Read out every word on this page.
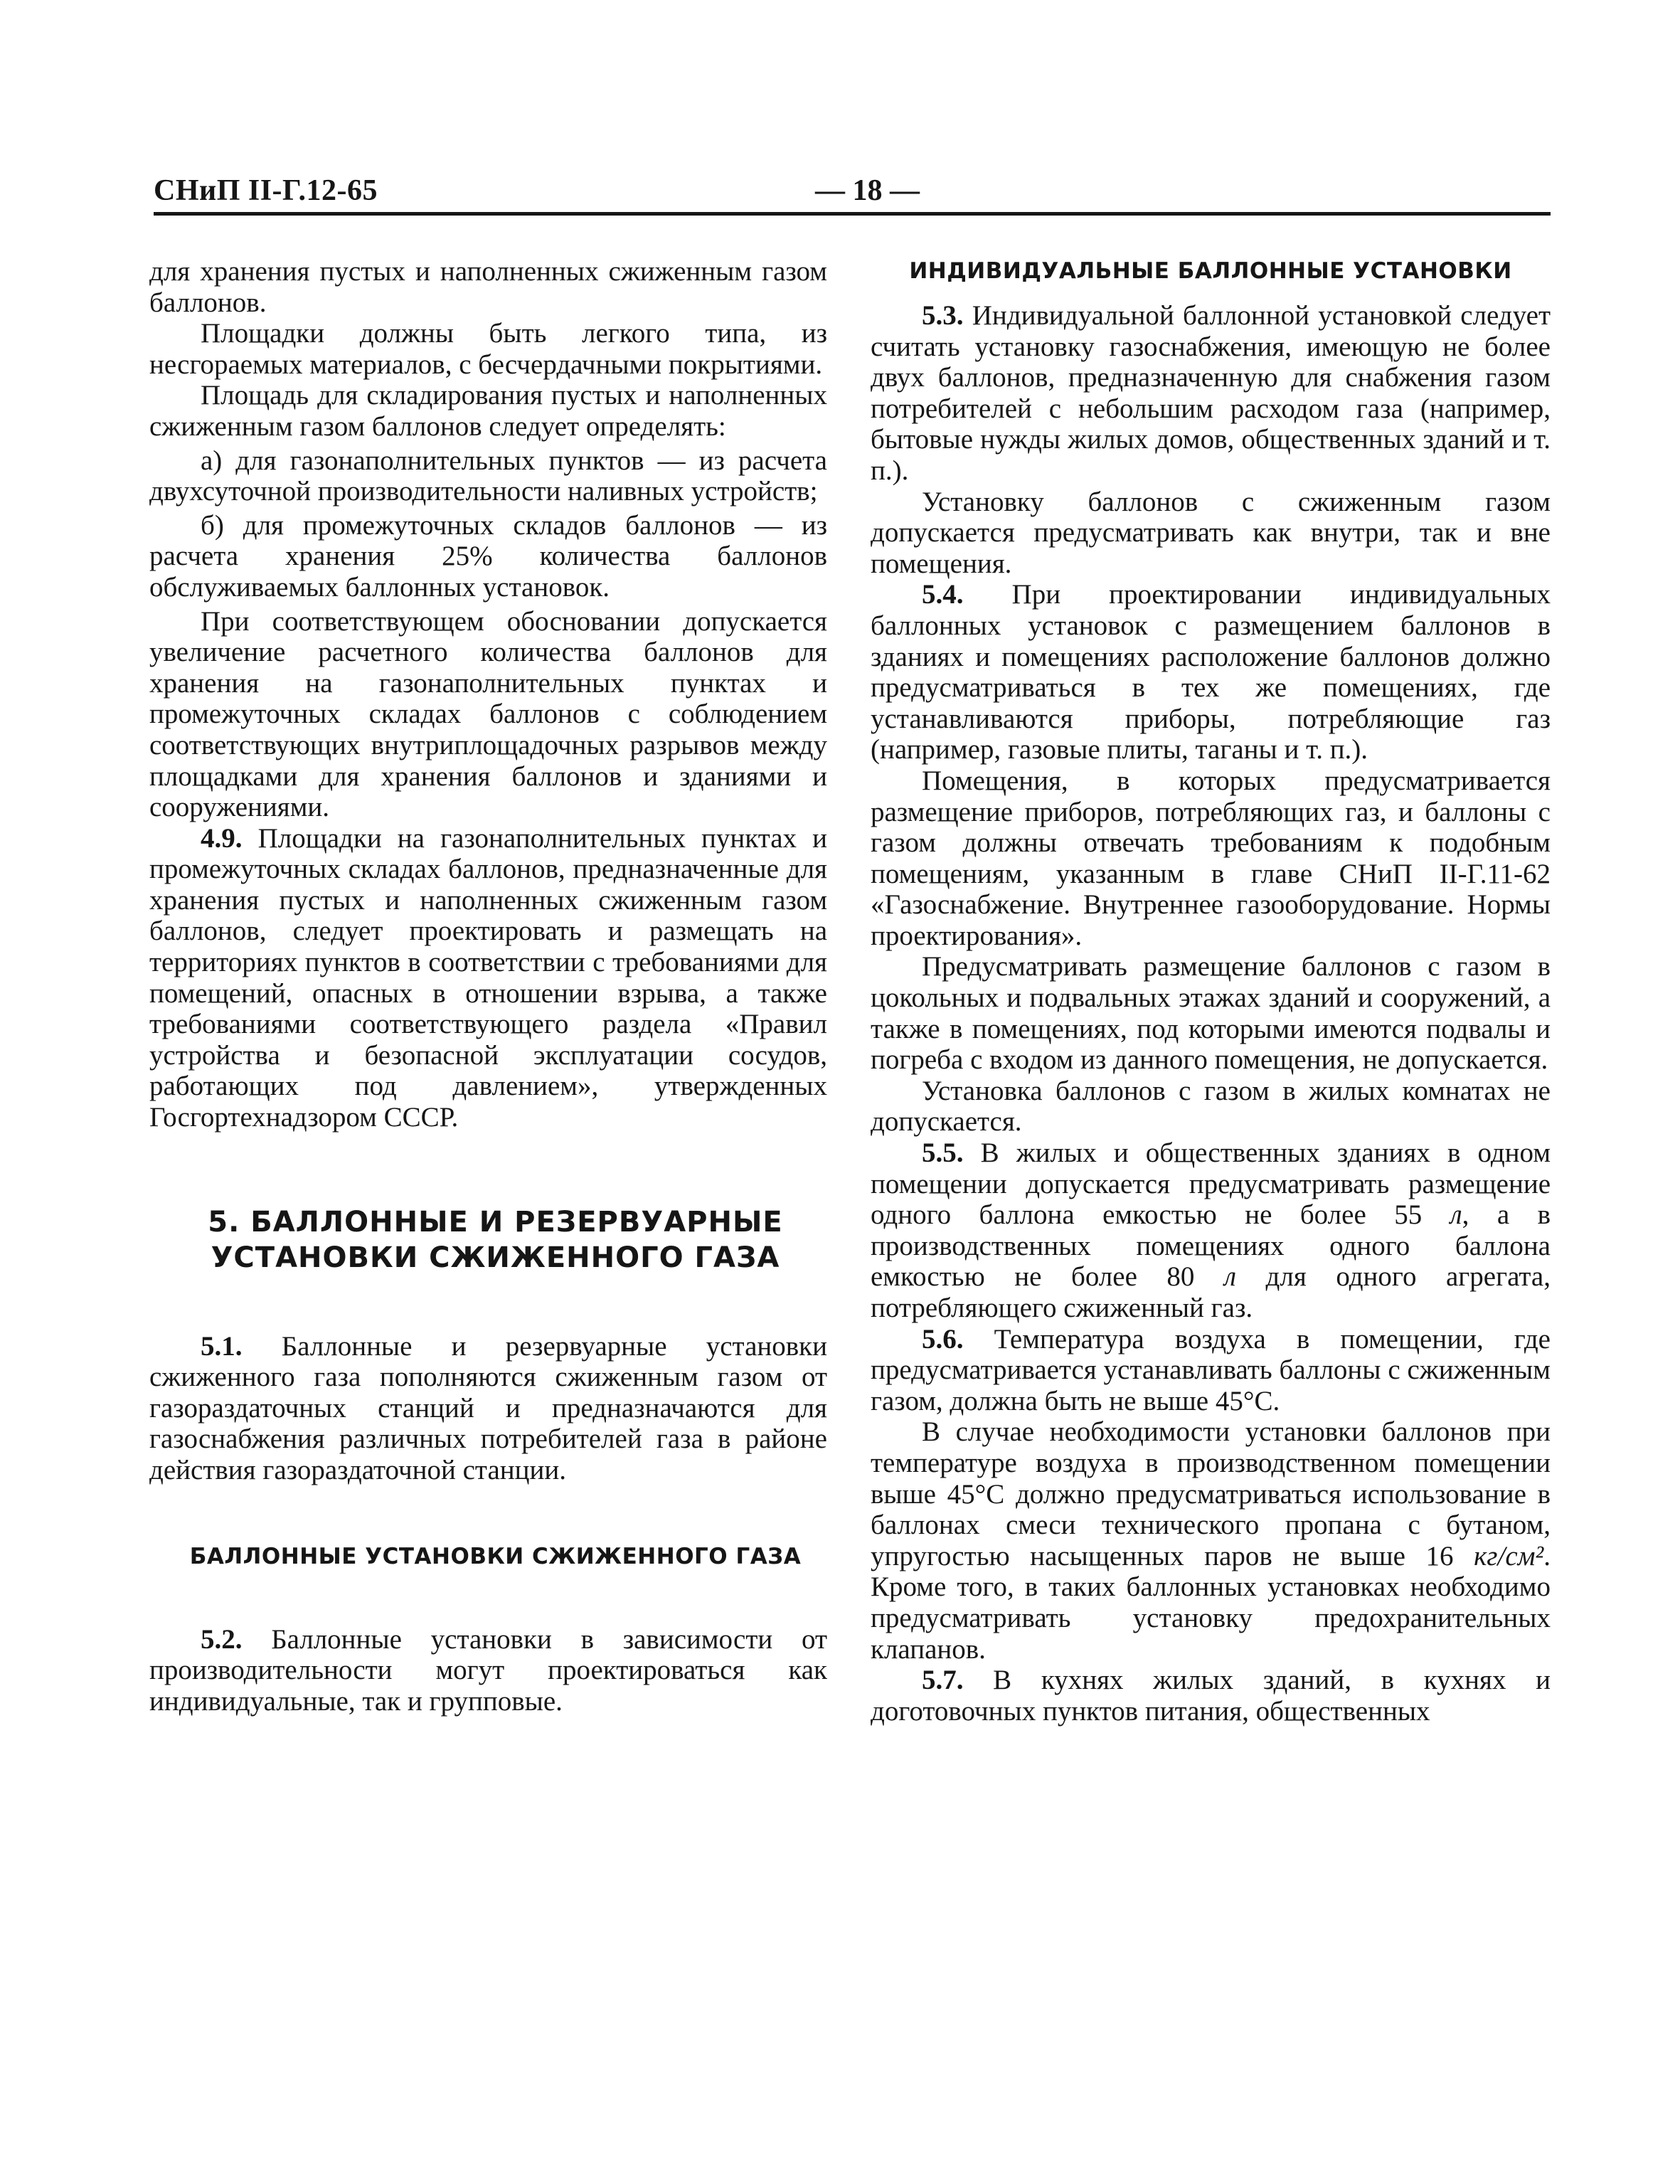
СНиП II-Г.12-65	— 18 —

для хранения пустых и наполненных сжиженным газом баллонов.

Площадки должны быть легкого типа, из несгораемых материалов, с бесчердачными покрытиями.

Площадь для складирования пустых и наполненных сжиженным газом баллонов следует определять:

а) для газонаполнительных пунктов — из расчета двухсуточной производительности наливных устройств;

б) для промежуточных складов баллонов — из расчета хранения 25% количества баллонов обслуживаемых баллонных установок.

При соответствующем обосновании допускается увеличение расчетного количества баллонов для хранения на газонаполнительных пунктах и промежуточных складах баллонов с соблюдением соответствующих внутриплощадочных разрывов между площадками для хранения баллонов и зданиями и сооружениями.

4.9. Площадки на газонаполнительных пунктах и промежуточных складах баллонов, предназначенные для хранения пустых и наполненных сжиженным газом баллонов, следует проектировать и размещать на территориях пунктов в соответствии с требованиями для помещений, опасных в отношении взрыва, а также требованиями соответствующего раздела «Правил устройства и безопасной эксплуатации сосудов, работающих под давлением», утвержденных Госгортехнадзором СССР.

5. БАЛЛОННЫЕ И РЕЗЕРВУАРНЫЕ УСТАНОВКИ СЖИЖЕННОГО ГАЗА

5.1. Баллонные и резервуарные установки сжиженного газа пополняются сжиженным газом от газораздаточных станций и предназначаются для газоснабжения различных потребителей газа в районе действия газораздаточной станции.

БАЛЛОННЫЕ УСТАНОВКИ СЖИЖЕННОГО ГАЗА

5.2. Баллонные установки в зависимости от производительности могут проектироваться как индивидуальные, так и групповые.

ИНДИВИДУАЛЬНЫЕ БАЛЛОННЫЕ УСТАНОВКИ

5.3. Индивидуальной баллонной установкой следует считать установку газоснабжения, имеющую не более двух баллонов, предназначенную для снабжения газом потребителей с небольшим расходом газа (например, бытовые нужды жилых домов, общественных зданий и т. п.).

Установку баллонов с сжиженным газом допускается предусматривать как внутри, так и вне помещения.

5.4. При проектировании индивидуальных баллонных установок с размещением баллонов в зданиях и помещениях расположение баллонов должно предусматриваться в тех же помещениях, где устанавливаются приборы, потребляющие газ (например, газовые плиты, таганы и т. п.).

Помещения, в которых предусматривается размещение приборов, потребляющих газ, и баллоны с газом должны отвечать требованиям к подобным помещениям, указанным в главе СНиП II-Г.11-62 «Газоснабжение. Внутреннее газооборудование. Нормы проектирования».

Предусматривать размещение баллонов с газом в цокольных и подвальных этажах зданий и сооружений, а также в помещениях, под которыми имеются подвалы и погреба с входом из данного помещения, не допускается.

Установка баллонов с газом в жилых комнатах не допускается.

5.5. В жилых и общественных зданиях в одном помещении допускается предусматривать размещение одного баллона емкостью не более 55 л, а в производственных помещениях одного баллона емкостью не более 80 л для одного агрегата, потребляющего сжиженный газ.

5.6. Температура воздуха в помещении, где предусматривается устанавливать баллоны с сжиженным газом, должна быть не выше 45°С.

В случае необходимости установки баллонов при температуре воздуха в производственном помещении выше 45°С должно предусматриваться использование в баллонах смеси технического пропана с бутаном, упругостью насыщенных паров не выше 16 кг/см². Кроме того, в таких баллонных установках необходимо предусматривать установку предохранительных клапанов.

5.7. В кухнях жилых зданий, в кухнях и доготовочных пунктов питания, общественных
